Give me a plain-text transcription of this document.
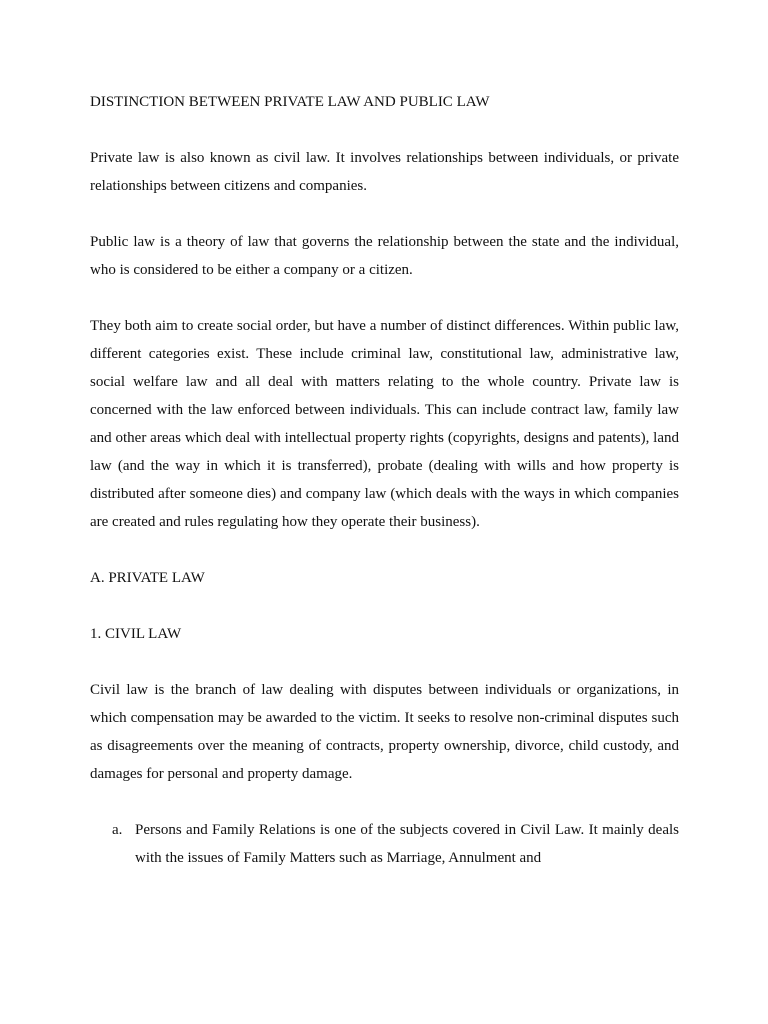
DISTINCTION BETWEEN PRIVATE LAW AND PUBLIC LAW

Private law is also known as civil law. It involves relationships between individuals, or private relationships between citizens and companies.

Public law is a theory of law that governs the relationship between the state and the individual, who is considered to be either a company or a citizen.

They both aim to create social order, but have a number of distinct differences. Within public law, different categories exist. These include criminal law, constitutional law, administrative law, social welfare law and all deal with matters relating to the whole country. Private law is concerned with the law enforced between individuals. This can include contract law, family law and other areas which deal with intellectual property rights (copyrights, designs and patents), land law (and the way in which it is transferred), probate (dealing with wills and how property is distributed after someone dies) and company law (which deals with the ways in which companies are created and rules regulating how they operate their business).

A. PRIVATE LAW

1. CIVIL LAW

Civil law is the branch of law dealing with disputes between individuals or organizations, in which compensation may be awarded to the victim. It seeks to resolve non-criminal disputes such as disagreements over the meaning of contracts, property ownership, divorce, child custody, and damages for personal and property damage.

a. Persons and Family Relations is one of the subjects covered in Civil Law. It mainly deals with the issues of Family Matters such as Marriage, Annulment and
